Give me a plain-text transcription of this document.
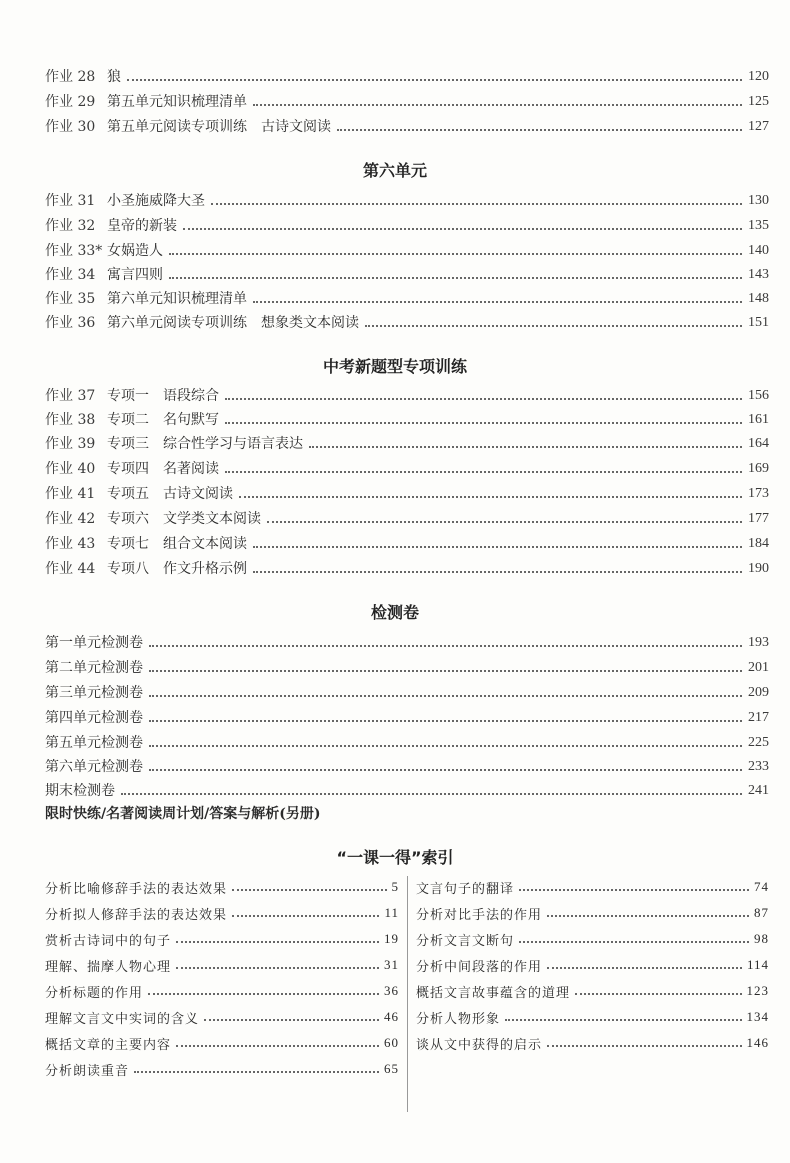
作业 28 狼	120
作业 29 第五单元知识梳理清单	125
作业 30 第五单元阅读专项训练　古诗文阅读	127
第六单元
作业 31 小圣施威降大圣	130
作业 32 皇帝的新装	135
作业 33* 女娲造人	140
作业 34 寓言四则	143
作业 35 第六单元知识梳理清单	148
作业 36 第六单元阅读专项训练　想象类文本阅读	151
中考新题型专项训练
作业 37 专项一　语段综合	156
作业 38 专项二　名句默写	161
作业 39 专项三　综合性学习与语言表达	164
作业 40 专项四　名著阅读	169
作业 41 专项五　古诗文阅读	173
作业 42 专项六　文学类文本阅读	177
作业 43 专项七　组合文本阅读	184
作业 44 专项八　作文升格示例	190
检测卷
第一单元检测卷	193
第二单元检测卷	201
第三单元检测卷	209
第四单元检测卷	217
第五单元检测卷	225
第六单元检测卷	233
期末检测卷	241
限时快练/名著阅读周计划/答案与解析(另册)
“一课一得”索引
分析比喻修辞手法的表达效果	5
分析拟人修辞手法的表达效果	11
赏析古诗词中的句子	19
理解、揣摩人物心理	31
分析标题的作用	36
理解文言文中实词的含义	46
概括文章的主要内容	60
分析朗读重音	65
文言句子的翻译	74
分析对比手法的作用	87
分析文言文断句	98
分析中间段落的作用	114
概括文言故事蕴含的道理	123
分析人物形象	134
谈从文中获得的启示	146
